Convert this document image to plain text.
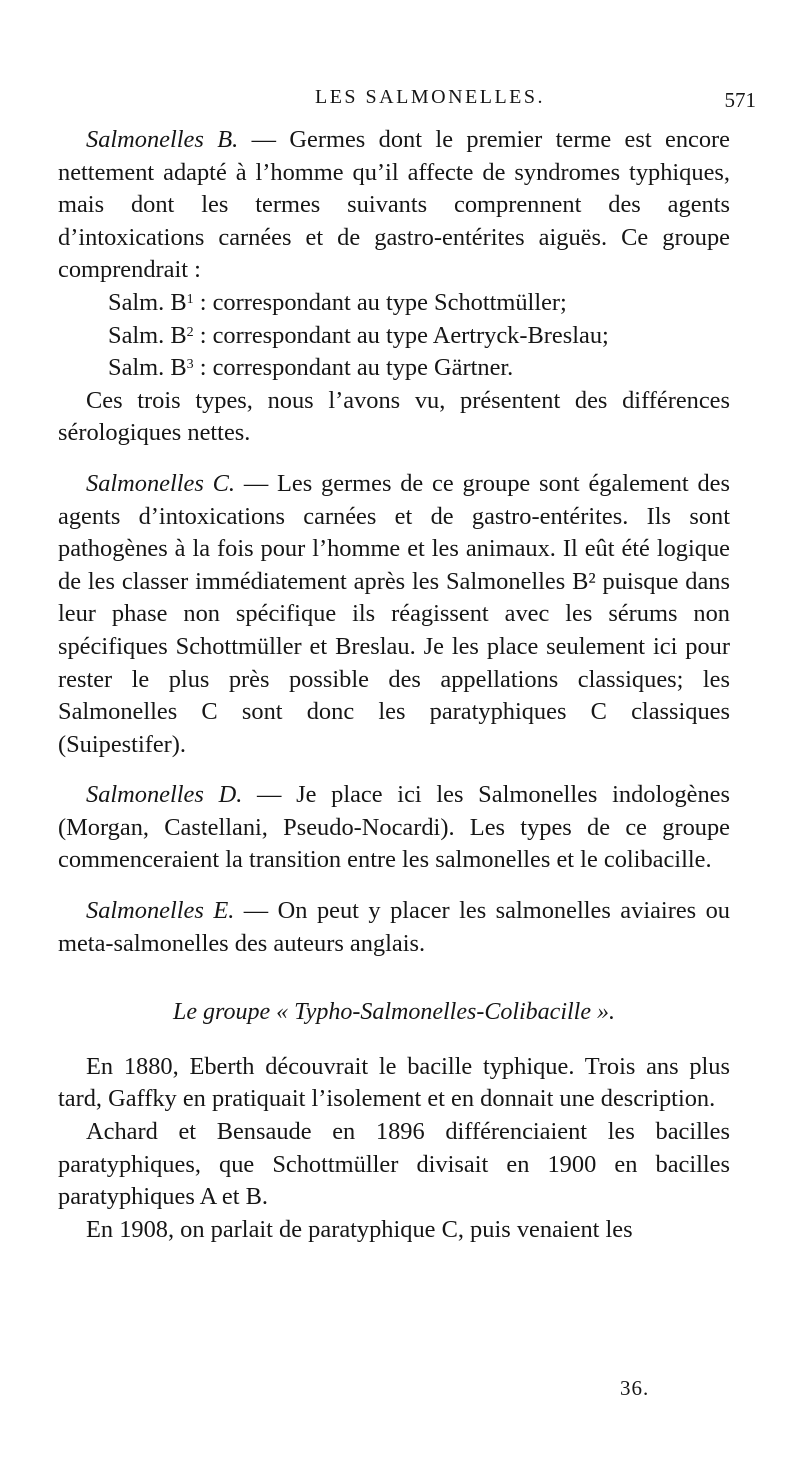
LES SALMONELLES.	571

Salmonelles B. — Germes dont le premier terme est encore nettement adapté à l’homme qu’il affecte de syndromes typhiques, mais dont les termes suivants comprennent des agents d’intoxications carnées et de gastro-entérites aiguës. Ce groupe comprendrait :

Salm. $B^1$ : correspondant au type Schottmüller;
Salm. $B^2$ : correspondant au type Aertryck-Breslau;
Salm. $B^3$ : correspondant au type Gärtner.

Ces trois types, nous l’avons vu, présentent des différences sérologiques nettes.

Salmonelles C. — Les germes de ce groupe sont également des agents d’intoxications carnées et de gastro-entérites. Ils sont pathogènes à la fois pour l’homme et les animaux. Il eût été logique de les classer immédiatement après les Salmonelles B² puisque dans leur phase non spécifique ils réagissent avec les sérums non spécifiques Schottmüller et Breslau. Je les place seulement ici pour rester le plus près possible des appellations classiques; les Salmonelles C sont donc les paratyphiques C classiques (Suipestifer).

Salmonelles D. — Je place ici les Salmonelles indologènes (Morgan, Castellani, Pseudo-Nocardi). Les types de ce groupe commenceraient la transition entre les salmonelles et le colibacille.

Salmonelles E. — On peut y placer les salmonelles aviaires ou meta-salmonelles des auteurs anglais.

Le groupe « Typho-Salmonelles-Colibacille ».

En 1880, Eberth découvrait le bacille typhique. Trois ans plus tard, Gaffky en pratiquait l’isolement et en donnait une description.

Achard et Bensaude en 1896 différenciaient les bacilles paratyphiques, que Schottmüller divisait en 1900 en bacilles paratyphiques A et B.

En 1908, on parlait de paratyphique C, puis venaient les

36.
